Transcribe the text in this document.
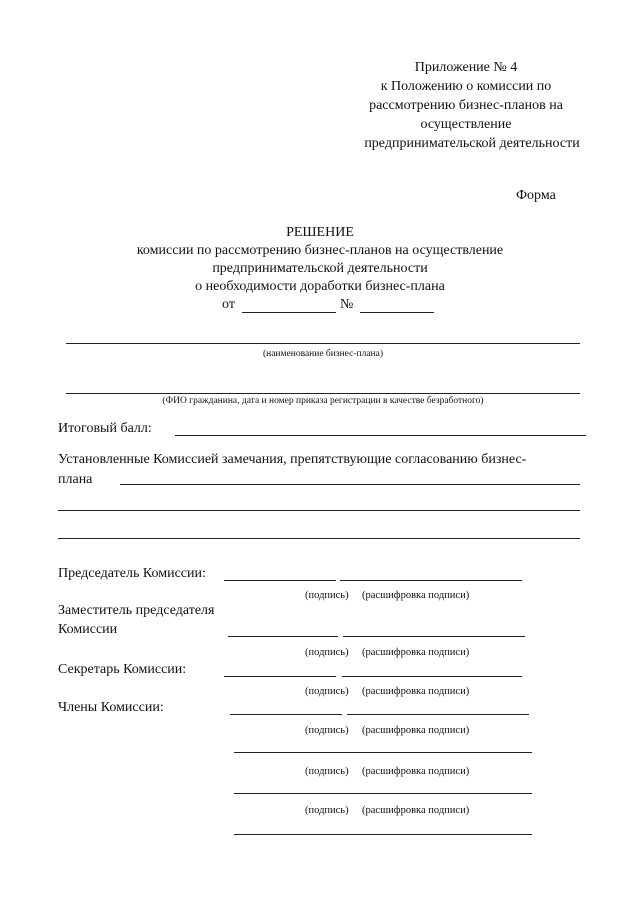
Приложение № 4
к Положению о комиссии по
рассмотрению бизнес-планов на
осуществление
предпринимательской деятельности
Форма
РЕШЕНИЕ
комиссии по рассмотрению бизнес-планов на осуществление
предпринимательской деятельности
о необходимости доработки бизнес-плана
от	№
(наименование бизнес-плана)
(ФИО гражданина, дата и номер приказа регистрации в качестве безработного)
Итоговый балл:
Установленные Комиссией замечания, препятствующие согласованию бизнес-
плана
Председатель Комиссии:
(подпись) (расшифровка подписи)
Заместитель председателя
Комиссии
(подпись) (расшифровка подписи)
Секретарь Комиссии:
(подпись) (расшифровка подписи)
Члены Комиссии:
(подпись) (расшифровка подписи)
(подпись) (расшифровка подписи)
(подпись) (расшифровка подписи)
